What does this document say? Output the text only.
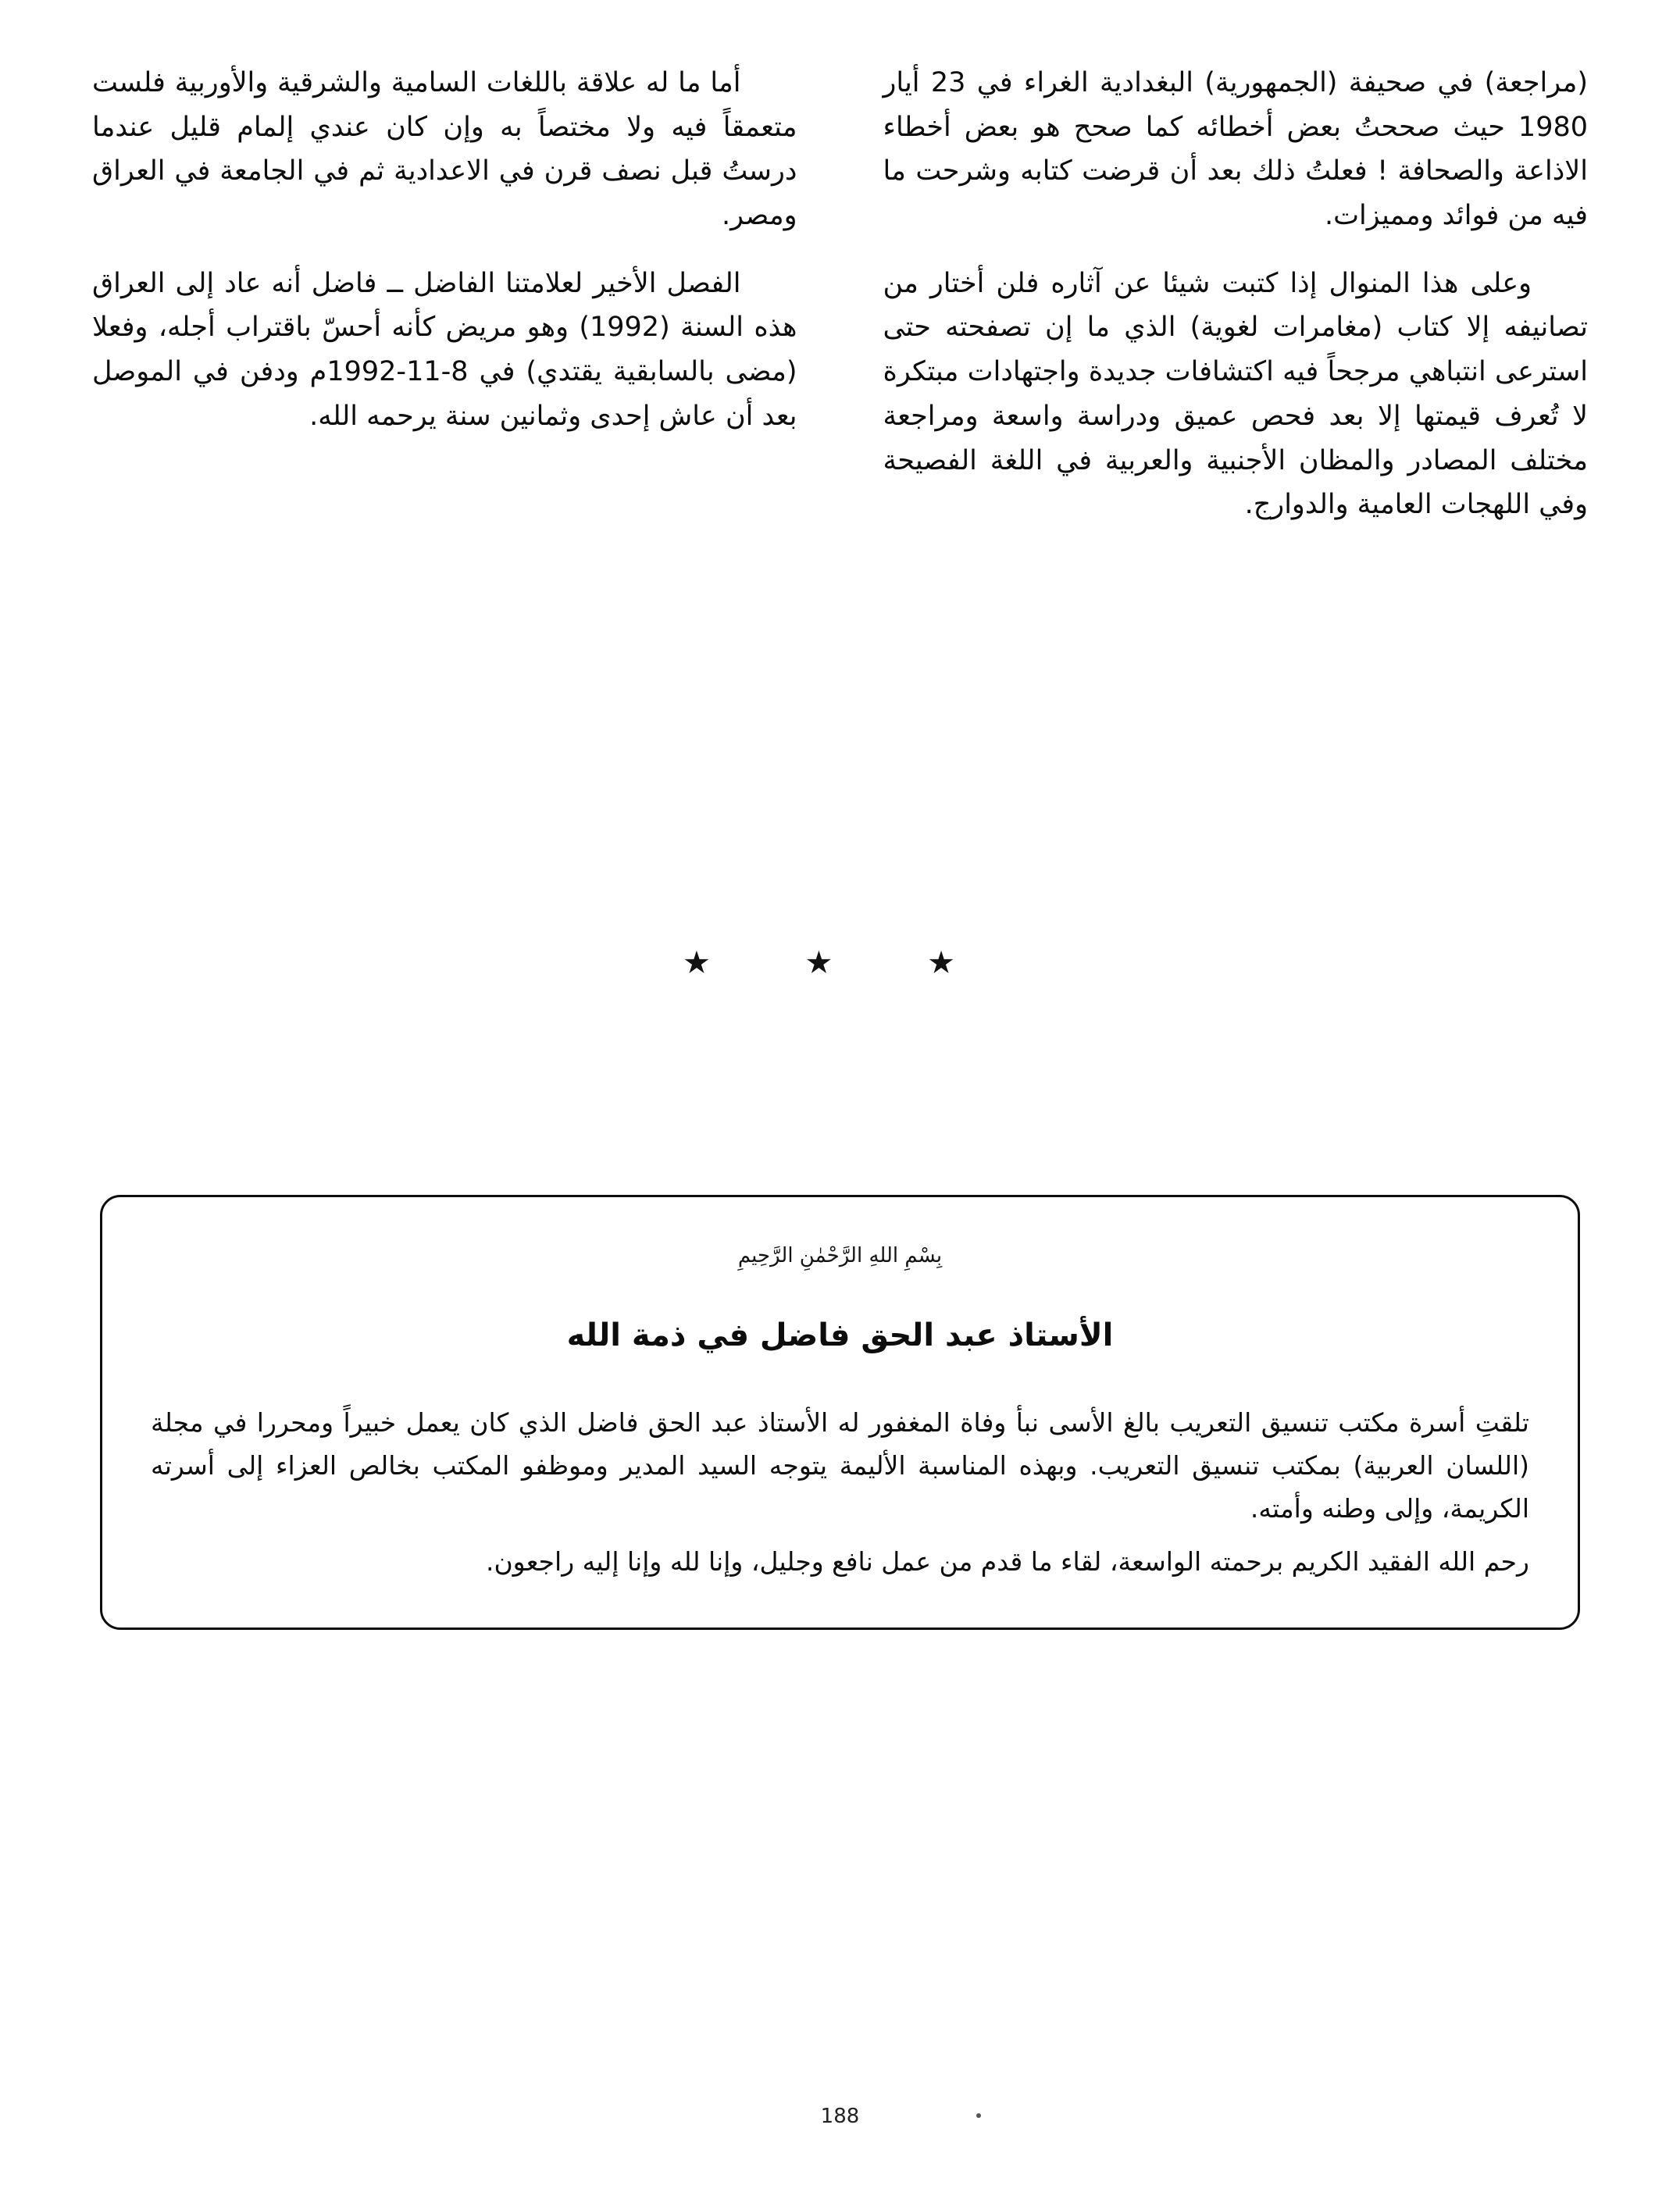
(مراجعة) في صحيفة (الجمهورية) البغدادية الغراء في 23 أيار 1980 حيث صححتُ بعض أخطائه كما صحح هو بعض أخطاء الاذاعة والصحافة ! فعلتُ ذلك بعد أن قرضت كتابه وشرحت ما فيه من فوائد ومميزات.

وعلى هذا المنوال إذا كتبت شيئا عن آثاره فلن أختار من تصانيفه إلا كتاب (مغامرات لغوية) الذي ما إن تصفحته حتى استرعى انتباهي مرجحاً فيه اكتشافات جديدة واجتهادات مبتكرة لا تُعرف قيمتها إلا بعد فحص عميق ودراسة واسعة ومراجعة مختلف المصادر والمظان الأجنبية والعربية في اللغة الفصيحة وفي اللهجات العامية والدوارج.

أما ما له علاقة باللغات السامية والشرقية والأوربية فلست متعمقاً فيه ولا مختصاً به وإن كان عندي إلمام قليل عندما درستُ قبل نصف قرن في الاعدادية ثم في الجامعة في العراق ومصر.

الفصل الأخير لعلامتنا الفاضل ــ فاضل أنه عاد إلى العراق هذه السنة (1992) وهو مريض كأنه أحسّ باقتراب أجله، وفعلا (مضى بالسابقية يقتدي) في 8-11-1992م ودفن في الموصل بعد أن عاش إحدى وثمانين سنة يرحمه الله.

★ ★ ★
بِسْمِ اللهِ الرَّحْمٰنِ الرَّحِيمِ
الأستاذ عبد الحق فاضل في ذمة الله

تلقتِ أسرة مكتب تنسيق التعريب بالغ الأسى نبأ وفاة المغفور له الأستاذ عبد الحق فاضل الذي كان يعمل خبيراً ومحررا في مجلة (اللسان العربية) بمكتب تنسيق التعريب. وبهذه المناسبة الأليمة يتوجه السيد المدير وموظفو المكتب بخالص العزاء إلى أسرته الكريمة، وإلى وطنه وأمته.

رحم الله الفقيد الكريم برحمته الواسعة، لقاء ما قدم من عمل نافع وجليل، وإنا لله وإنا إليه راجعون.

188
